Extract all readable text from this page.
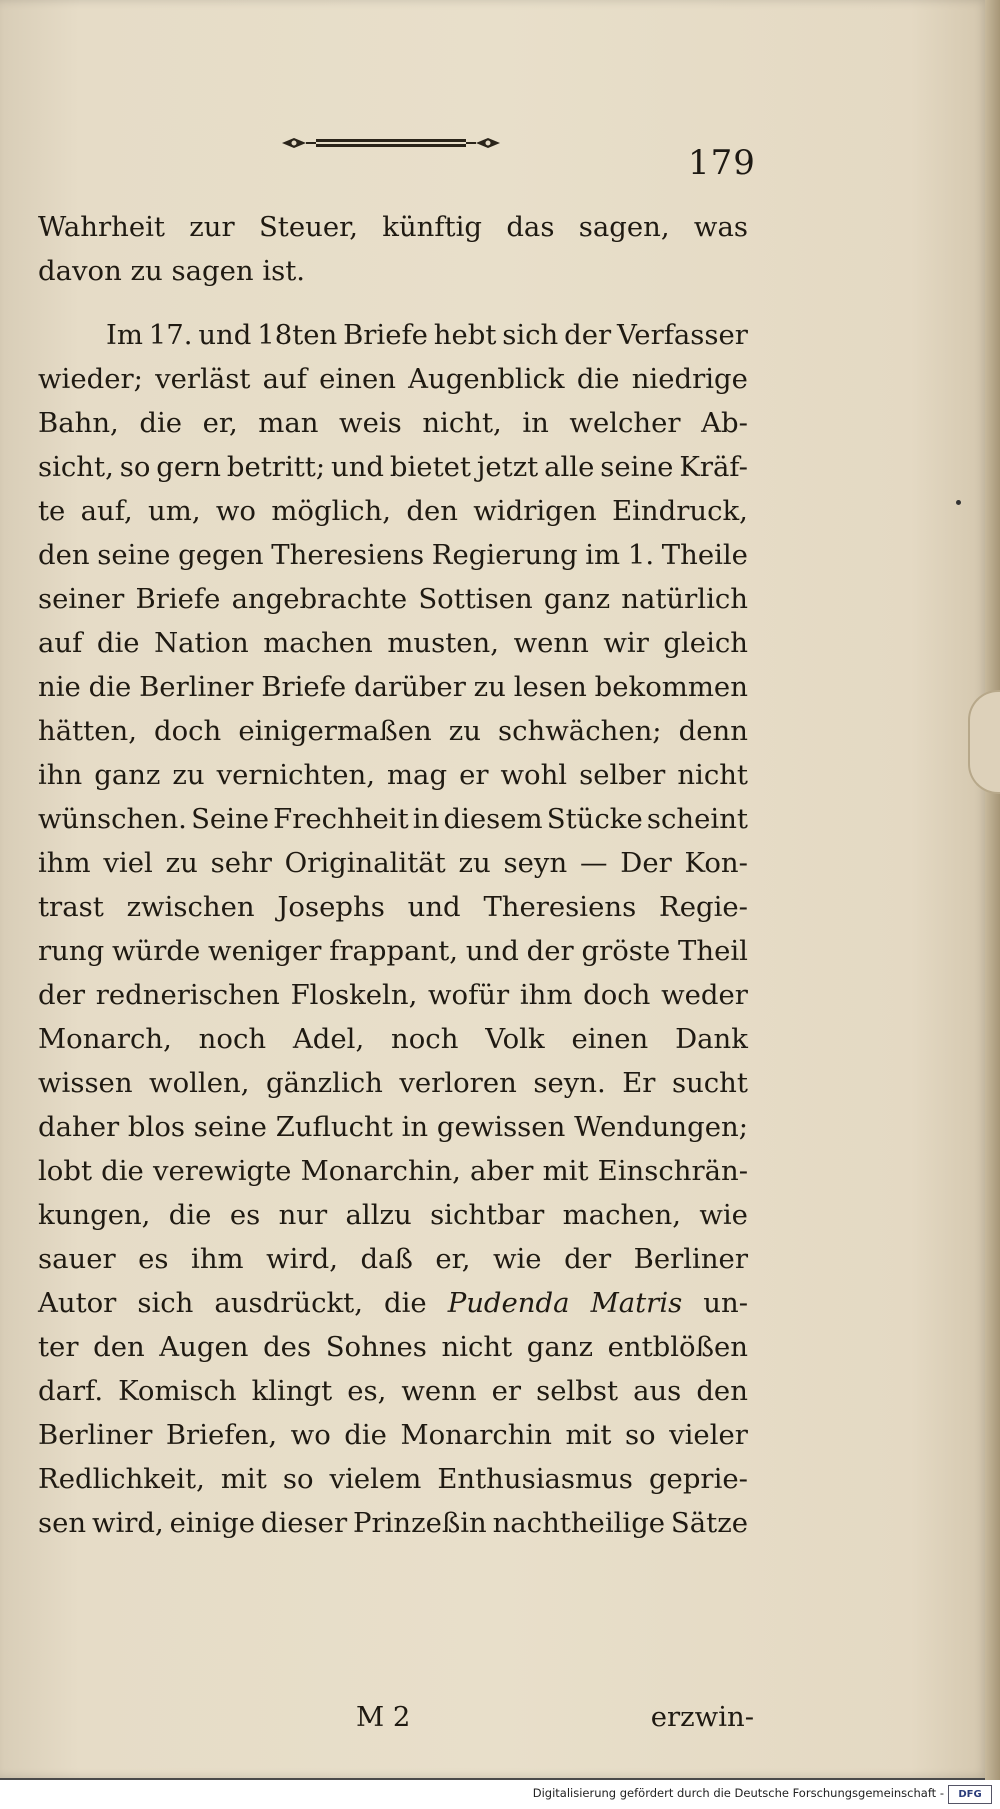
179
Wahrheit zur Steuer, künftig das sagen, was
davon zu sagen ist.
Im 17. und 18ten Briefe hebt sich der Verfasser
wieder; verläst auf einen Augenblick die niedrige
Bahn, die er, man weis nicht, in welcher Ab-
sicht, so gern betritt; und bietet jetzt alle seine Kräf-
te auf, um, wo möglich, den widrigen Eindruck,
den seine gegen Theresiens Regierung im 1. Theile
seiner Briefe angebrachte Sottisen ganz natürlich
auf die Nation machen musten, wenn wir gleich
nie die Berliner Briefe darüber zu lesen bekommen
hätten, doch einigermaßen zu schwächen; denn
ihn ganz zu vernichten, mag er wohl selber nicht
wünschen. Seine Frechheit in diesem Stücke scheint
ihm viel zu sehr Originalität zu seyn — Der Kon-
trast zwischen Josephs und Theresiens Regie-
rung würde weniger frappant, und der gröste Theil
der rednerischen Floskeln, wofür ihm doch weder
Monarch, noch Adel, noch Volk einen Dank
wissen wollen, gänzlich verloren seyn. Er sucht
daher blos seine Zuflucht in gewissen Wendungen;
lobt die verewigte Monarchin, aber mit Einschrän-
kungen, die es nur allzu sichtbar machen, wie
sauer es ihm wird, daß er, wie der Berliner
Autor sich ausdrückt, die Pudenda Matris un-
ter den Augen des Sohnes nicht ganz entblößen
darf. Komisch klingt es, wenn er selbst aus den
Berliner Briefen, wo die Monarchin mit so vieler
Redlichkeit, mit so vielem Enthusiasmus geprie-
sen wird, einige dieser Prinzeßin nachtheilige Sätze
M 2	erzwin-
Digitalisierung gefördert durch die Deutsche Forschungsgemeinschaft -	DFG
